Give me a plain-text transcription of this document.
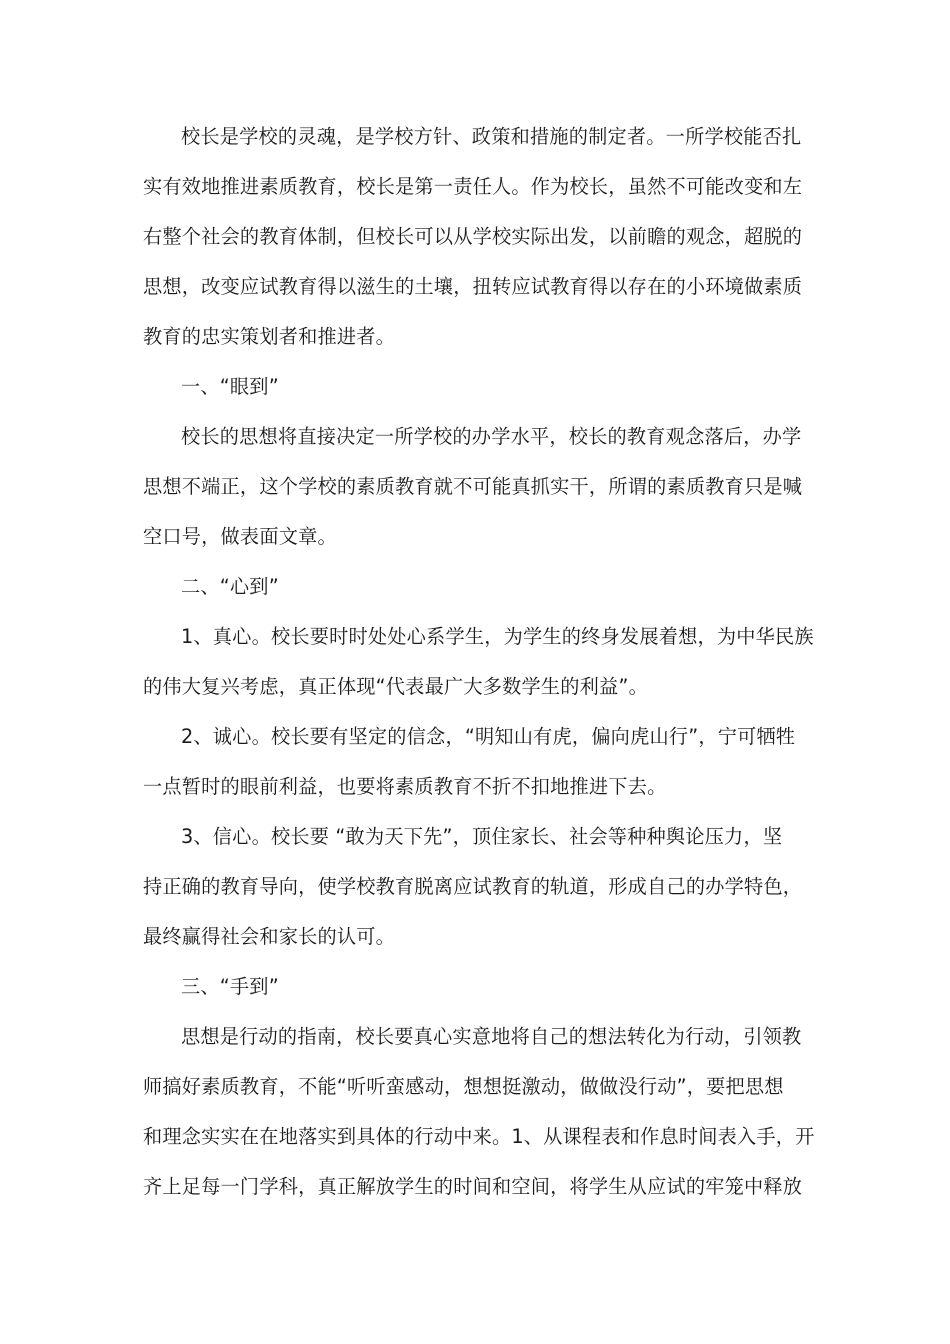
校长是学校的灵魂，是学校方针、政策和措施的制定者。一所学校能否扎
实有效地推进素质教育，校长是第一责任人。作为校长，虽然不可能改变和左
右整个社会的教育体制，但校长可以从学校实际出发，以前瞻的观念，超脱的
思想，改变应试教育得以滋生的土壤，扭转应试教育得以存在的小环境做素质
教育的忠实策划者和推进者。
一、“眼到”
校长的思想将直接决定一所学校的办学水平，校长的教育观念落后，办学
思想不端正，这个学校的素质教育就不可能真抓实干，所谓的素质教育只是喊
空口号，做表面文章。
二、“心到”
1、真心。校长要时时处处心系学生，为学生的终身发展着想，为中华民族
的伟大复兴考虑，真正体现“代表最广大多数学生的利益”。
2、诚心。校长要有坚定的信念，“明知山有虎，偏向虎山行”，宁可牺牲
一点暂时的眼前利益，也要将素质教育不折不扣地推进下去。
3、信心。校长要 “敢为天下先”，顶住家长、社会等种种舆论压力，坚
持正确的教育导向，使学校教育脱离应试教育的轨道，形成自己的办学特色，
最终赢得社会和家长的认可。
三、“手到”
思想是行动的指南，校长要真心实意地将自己的想法转化为行动，引领教
师搞好素质教育，不能“听听蛮感动，想想挺激动，做做没行动”，要把思想
和理念实实在在地落实到具体的行动中来。1、从课程表和作息时间表入手，开
齐上足每一门学科，真正解放学生的时间和空间，将学生从应试的牢笼中释放
